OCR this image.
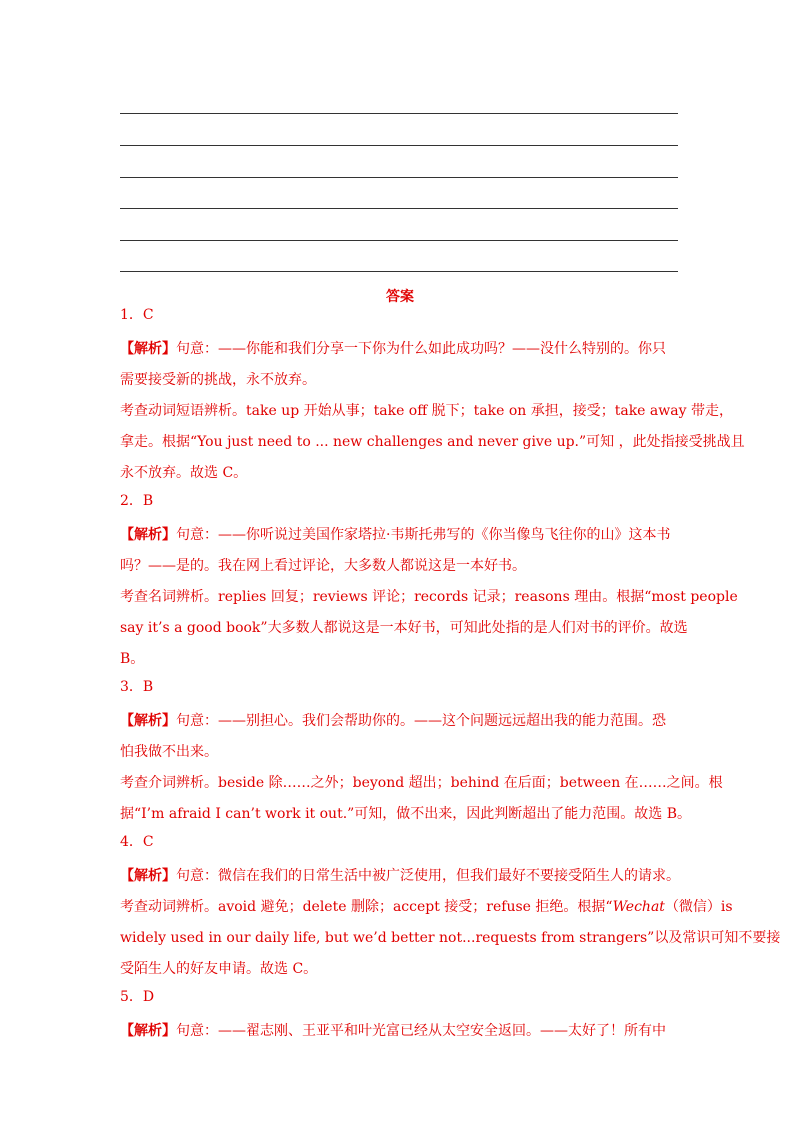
答案
1．C
【解析】句意：——你能和我们分享一下你为什么如此成功吗？——没什么特别的。你只
需要接受新的挑战，永不放弃。
考查动词短语辨析。take up 开始从事；take off 脱下；take on 承担，接受；take away 带走，
拿走。根据“You just need to ... new challenges and never give up.”可知 ，此处指接受挑战且
永不放弃。故选 C。
2．B
【解析】句意：——你听说过美国作家塔拉·韦斯托弗写的《你当像鸟飞往你的山》这本书
吗？——是的。我在网上看过评论，大多数人都说这是一本好书。
考查名词辨析。replies 回复；reviews 评论；records 记录；reasons 理由。根据“most people
say it’s a good book”大多数人都说这是一本好书，可知此处指的是人们对书的评价。故选
B。
3．B
【解析】句意：——别担心。我们会帮助你的。——这个问题远远超出我的能力范围。恐
怕我做不出来。
考查介词辨析。beside 除……之外；beyond 超出；behind 在后面；between 在……之间。根
据“I’m afraid I can’t work it out.”可知，做不出来，因此判断超出了能力范围。故选 B。
4．C
【解析】句意：微信在我们的日常生活中被广泛使用，但我们最好不要接受陌生人的请求。
考查动词辨析。avoid 避免；delete 删除；accept 接受；refuse 拒绝。根据“Wechat（微信）is
widely used in our daily life, but we’d better not...requests from strangers”以及常识可知不要接
受陌生人的好友申请。故选 C。
5．D
【解析】句意：——翟志刚、王亚平和叶光富已经从太空安全返回。——太好了！所有中
